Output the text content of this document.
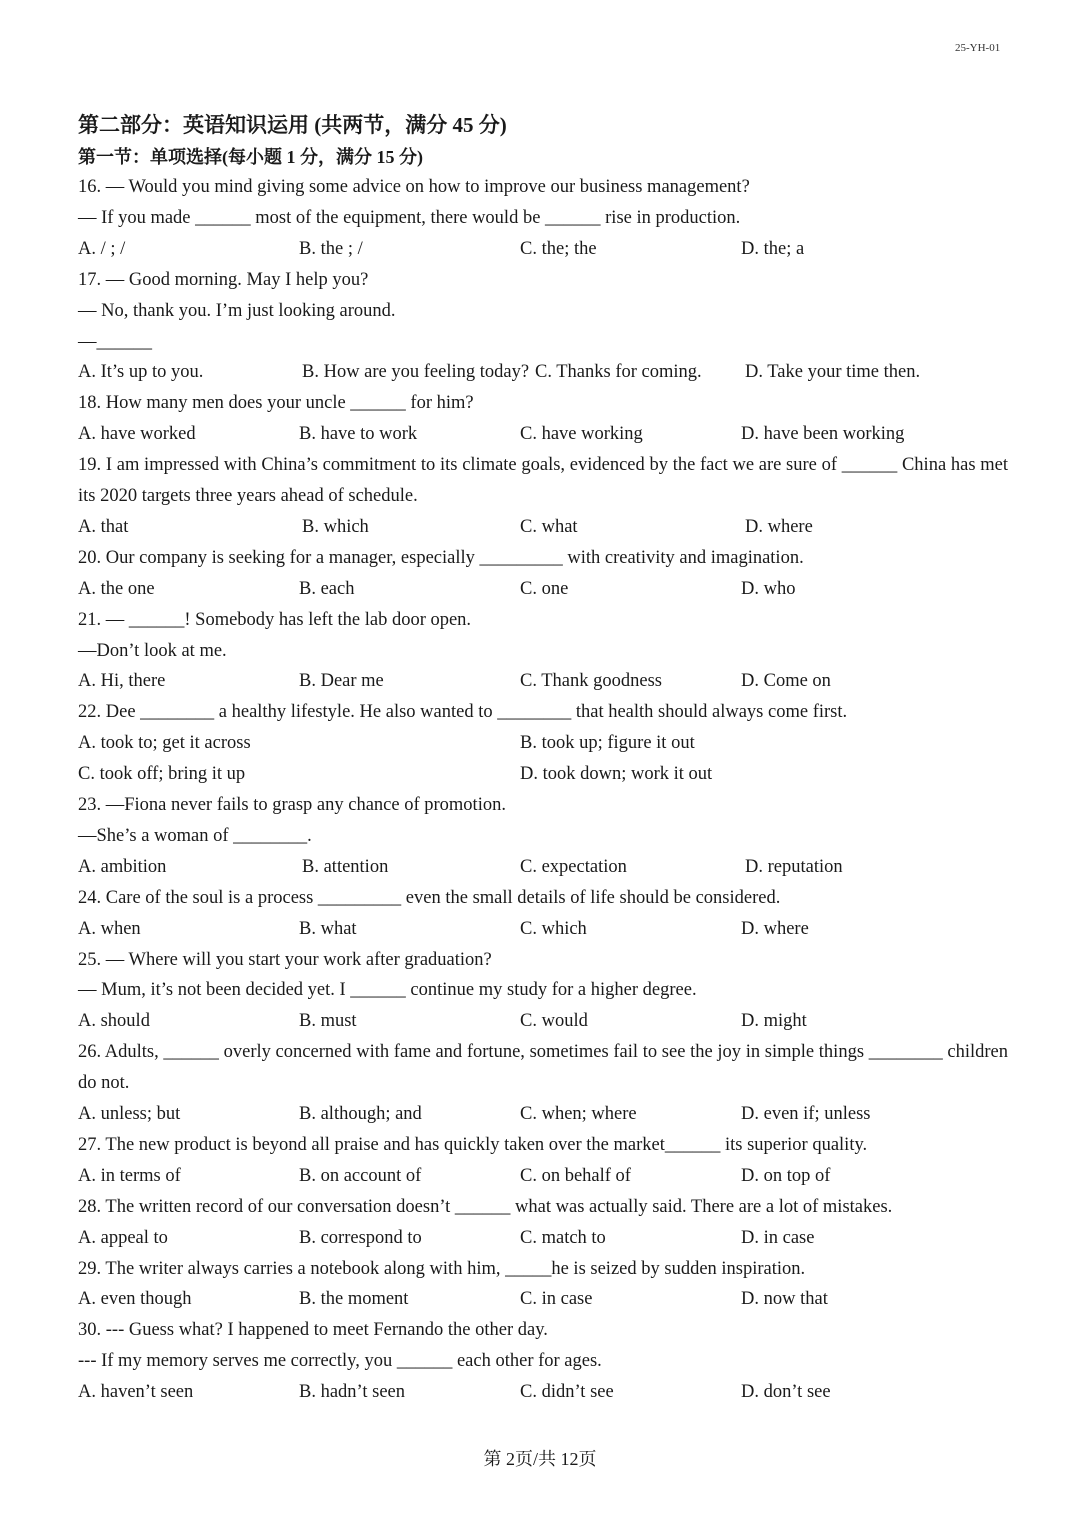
25-YH-01
第二部分：英语知识运用 (共两节，满分 45 分)
第一节：单项选择(每小题 1 分，满分 15 分)
16. — Would you mind giving some advice on how to improve our business management?
— If you made ______ most of the equipment, there would be ______ rise in production.
A. / ; /	B. the ; /	C. the; the	D. the; a
17. — Good morning. May I help you?
— No, thank you. I’m just looking around.
—______
A. It’s up to you.	B. How are you feeling today? C. Thanks for coming. D. Take your time then.
18. How many men does your uncle ______ for him?
A. have worked	B. have to work	C. have working	D. have been working
19. I am impressed with China’s commitment to its climate goals, evidenced by the fact we are sure of ______ China has met its 2020 targets three years ahead of schedule.
A. that	B. which	C. what	D. where
20. Our company is seeking for a manager, especially _________ with creativity and imagination.
A. the one	B. each	C. one	D. who
21. — ______! Somebody has left the lab door open.
—Don’t look at me.
A. Hi, there	B. Dear me	C. Thank goodness	D. Come on
22. Dee ________ a healthy lifestyle. He also wanted to ________ that health should always come first.
A. took to; get it across	B. took up; figure it out
C. took off; bring it up	D. took down; work it out
23. —Fiona never fails to grasp any chance of promotion.
—She’s a woman of ________.
A. ambition	B. attention	C. expectation	D. reputation
24. Care of the soul is a process _________ even the small details of life should be considered.
A. when	B. what	C. which	D. where
25. — Where will you start your work after graduation?
— Mum, it’s not been decided yet. I ______ continue my study for a higher degree.
A. should	B. must	C. would	D. might
26. Adults, ______ overly concerned with fame and fortune, sometimes fail to see the joy in simple things ________ children do not.
A. unless; but	B. although; and	C. when; where	D. even if; unless
27. The new product is beyond all praise and has quickly taken over the market______ its superior quality.
A. in terms of	B. on account of	C. on behalf of	D. on top of
28. The written record of our conversation doesn’t ______ what was actually said. There are a lot of mistakes.
A. appeal to	B. correspond to	C. match to	D. in case
29. The writer always carries a notebook along with him, _____he is seized by sudden inspiration.
A. even though	B. the moment	C. in case	D. now that
30. --- Guess what? I happened to meet Fernando the other day.
--- If my memory serves me correctly, you ______ each other for ages.
A. haven’t seen	B. hadn’t seen	C. didn’t see	D. don’t see
第 2页/共 12页
